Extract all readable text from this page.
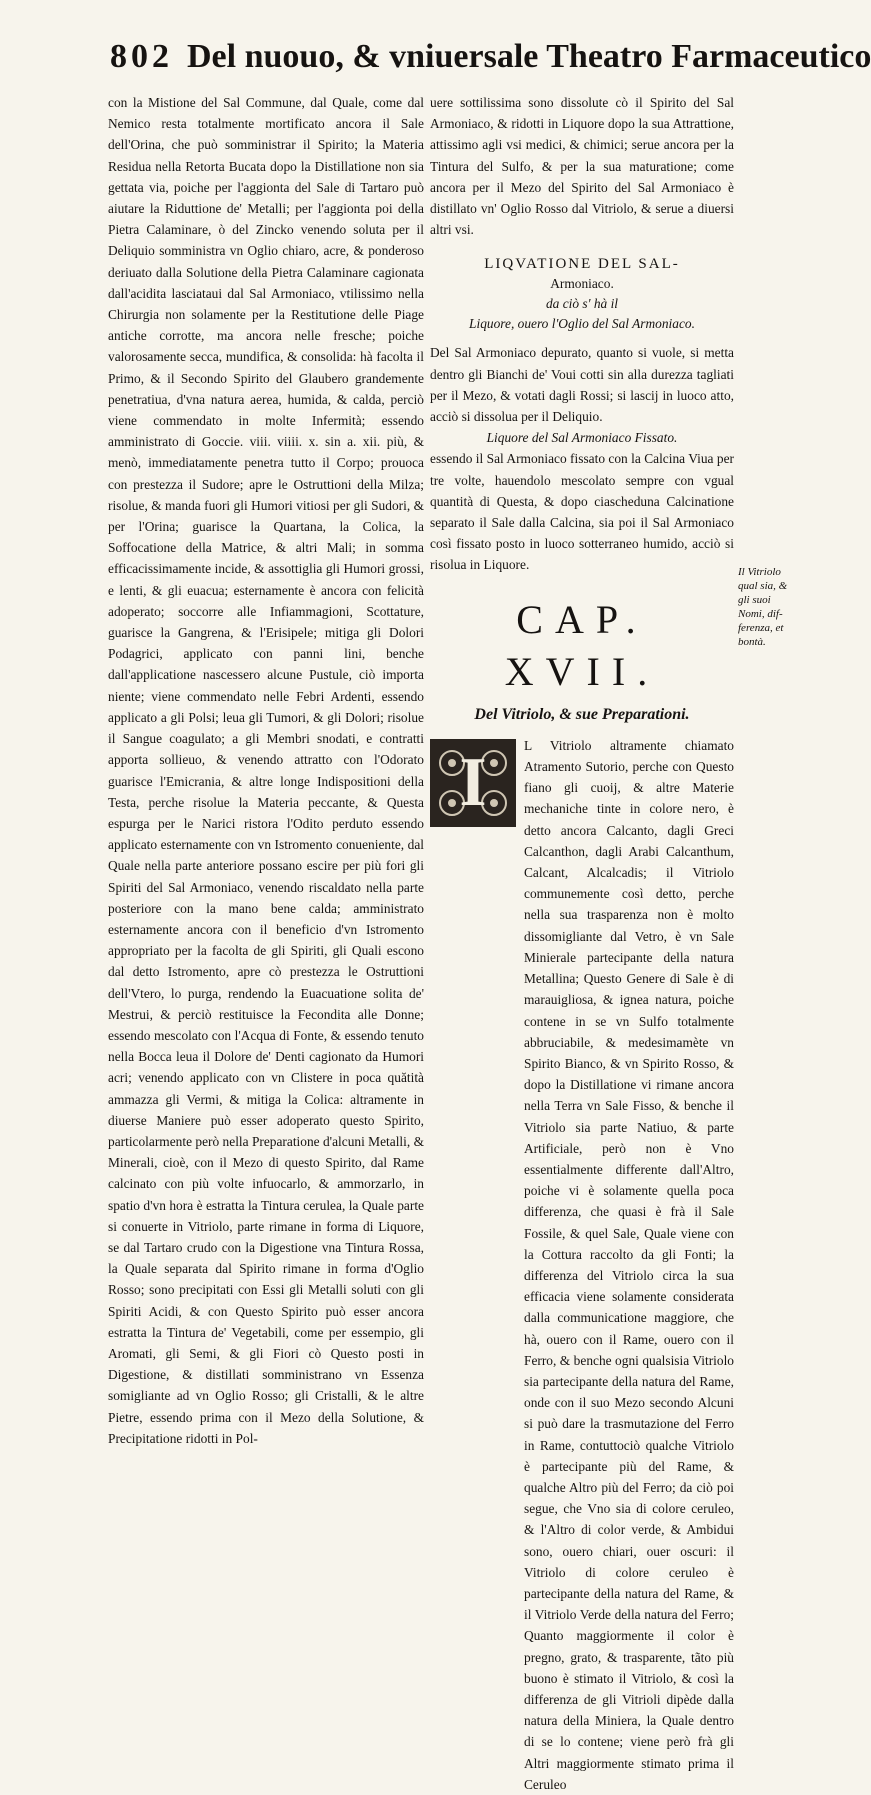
802 Del nuouo, & vniuersale Theatro Farmaceutico

con la Mistione del Sal Commune, dal Quale, come dal Nemico resta totalmente mortificato ancora il Sale dell'Orina, che può somministrar il Spirito; la Materia Residua nella Retorta Bucata dopo la Distillatione non sia gettata via, poiche per l'aggionta del Sale di Tartaro può aiutare la Riduttione de' Metalli; per l'aggionta poi della Pietra Calaminare, ò del Zincko venendo soluta per il Deliquio somministra vn Oglio chiaro, acre, & ponderoso deriuato dalla Solutione della Pietra Calaminare cagionata dall'acidita lasciataui dal Sal Armoniaco, vtilissimo nella Chirurgia non solamente per la Restitutione delle Piage antiche corrotte, ma ancora nelle fresche; poiche valorosamente secca, mundifica, & consolida: hà facolta il Primo, & il Secondo Spirito del Glaubero grandemente penetratiua, d'vna natura aerea, humida, & calda, perciò viene commendato in molte Infermità; essendo amministrato di Goccie. viii. viiii. x. sin a. xii. più, & menò, immediatamente penetra tutto il Corpo; prouoca con prestezza il Sudore; apre le Ostruttioni della Milza; risolue, & manda fuori gli Humori vitiosi per gli Sudori, & per l'Orina; guarisce la Quartana, la Colica, la Soffocatione della Matrice, & altri Mali; in somma efficacissimamente incide, & assottiglia gli Humori grossi, e lenti, & gli euacua; esternamente è ancora con felicità adoperato; soccorre alle Infiammagioni, Scottature, guarisce la Gangrena, & l'Erisipele; mitiga gli Dolori Podagrici, applicato con panni lini, benche dall'applicatione nascessero alcune Pustule, ciò importa niente; viene commendato nelle Febri Ardenti, essendo applicato a gli Polsi; leua gli Tumori, & gli Dolori; risolue il Sangue coagulato; a gli Membri snodati, e contratti apporta sollieuo, & venendo attratto con l'Odorato guarisce l'Emicrania, & altre longe Indispositioni della Testa, perche risolue la Materia peccante, & Questa espurga per le Narici ristora l'Odito perduto essendo applicato esternamente con vn Istromento conueniente, dal Quale nella parte anteriore possano escire per più fori gli Spiriti del Sal Armoniaco, venendo riscaldato nella parte posteriore con la mano bene calda; amministrato esternamente ancora con il beneficio d'vn Istromento appropriato per la facolta de gli Spiriti, gli Quali escono dal detto Istromento, apre cò prestezza le Ostruttioni dell'Vtero, lo purga, rendendo la Euacuatione solita de' Mestrui, & perciò restituisce la Fecondita alle Donne; essendo mescolato con l'Acqua di Fonte, & essendo tenuto nella Bocca leua il Dolore de' Denti cagionato da Humori acri; venendo applicato con vn Clistere in poca quătità ammazza gli Vermi, & mitiga la Colica: altramente in diuerse Maniere può esser adoperato questo Spirito, particolarmente però nella Preparatione d'alcuni Metalli, & Minerali, cioè, con il Mezo di questo Spirito, dal Rame calcinato con più volte infuocarlo, & ammorzarlo, in spatio d'vn hora è estratta la Tintura cerulea, la Quale parte si conuerte in Vitriolo, parte rimane in forma di Liquore, se dal Tartaro crudo con la Digestione vna Tintura Rossa, la Quale separata dal Spirito rimane in forma d'Oglio Rosso; sono precipitati con Essi gli Metalli soluti con gli Spiriti Acidi, & con Questo Spirito può esser ancora estratta la Tintura de' Vegetabili, come per essempio, gli Aromati, gli Semi, & gli Fiori cò Questo posti in Digestione, & distillati somministrano vn Essenza somigliante ad vn Oglio Rosso; gli Cristalli, & le altre Pietre, essendo prima con il Mezo della Solutione, & Precipitatione ridotti in Pol-

uere sottilissima sono dissolute cò il Spirito del Sal Armoniaco, & ridotti in Liquore dopo la sua Attrattione, attissimo agli vsi medici, & chimici; serue ancora per la Tintura del Sulfo, & per la sua maturatione; come ancora per il Mezo del Spirito del Sal Armoniaco è distillato vn' Oglio Rosso dal Vitriolo, & serue a diuersi altri vsi.

LIQVATIONE DEL SAL-
Armoniaco.
da ciò s' hà il
Liquore, ouero l'Oglio del Sal Armoniaco.

Del Sal Armoniaco depurato, quanto si vuole, si metta dentro gli Bianchi de' Voui cotti sin alla durezza tagliati per il Mezo, & votati dagli Rossi; si lascij in luoco atto, acciò si dissolua per il Deliquio.

Liquore del Sal Armoniaco Fissato.

essendo il Sal Armoniaco fissato con la Calcina Viua per tre volte, hauendolo mescolato sempre con vgual quantità di Questa, & dopo ciascheduna Calcinatione separato il Sale dalla Calcina, sia poi il Sal Armoniaco così fissato posto in luoco sotterraneo humido, acciò si risolua in Liquore.

CAP. XVII.
Del Vitriolo, & sue Preparationi.
I	L Vitriolo altramente chiamato Atramento Sutorio, perche con Questo fiano gli cuoij, & altre Materie mechaniche tinte in colore nero, è detto ancora Calcanto, dagli Greci Calcanthon, dagli Arabi Calcanthum, Calcant, Alcalcadis; il Vitriolo communemente così detto, perche nella sua trasparenza non è molto dissomigliante dal Vetro, è vn Sale Minierale partecipante della natura Metallina; Questo Genere di Sale è di marauigliosa, & ignea natura, poiche contene in se vn Sulfo totalmente abbruciabile, & medesimamète vn Spirito Bianco, & vn Spirito Rosso, & dopo la Distillatione vi rimane ancora nella Terra vn Sale Fisso, & benche il Vitriolo sia parte Natiuo, & parte Artificiale, però non è Vno essentialmente differente dall'Altro, poiche vi è solamente quella poca differenza, che quasi è frà il Sale Fossile, & quel Sale, Quale viene con la Cottura raccolto da gli Fonti; la differenza del Vitriolo circa la sua efficacia viene solamente considerata dalla communicatione maggiore, che hà, ouero con il Rame, ouero con il Ferro, & benche ogni qualsisia Vitriolo sia partecipante della natura del Rame, onde con il suo Mezo secondo Alcuni si può dare la trasmutazione del Ferro in Rame, contuttociò qualche Vitriolo è partecipante più del Rame, & qualche Altro più del Ferro; da ciò poi segue, che Vno sia di colore ceruleo, & l'Altro di color verde, & Ambidui sono, ouero chiari, ouer oscuri: il Vitriolo di colore ceruleo è partecipante della natura del Rame, & il Vitriolo Verde della natura del Ferro; Quanto maggiormente il color è pregno, grato, & trasparente, tãto più buono è stimato il Vitriolo, & così la differenza de gli Vitrioli dipède dalla natura della Miniera, la Quale dentro di se lo contene; viene però frà gli Altri maggiormente stimato prima il Ceruleo

Il Vitriolo qual sia, & gli suoi Nomi, dif-ferenza, et bontà.
